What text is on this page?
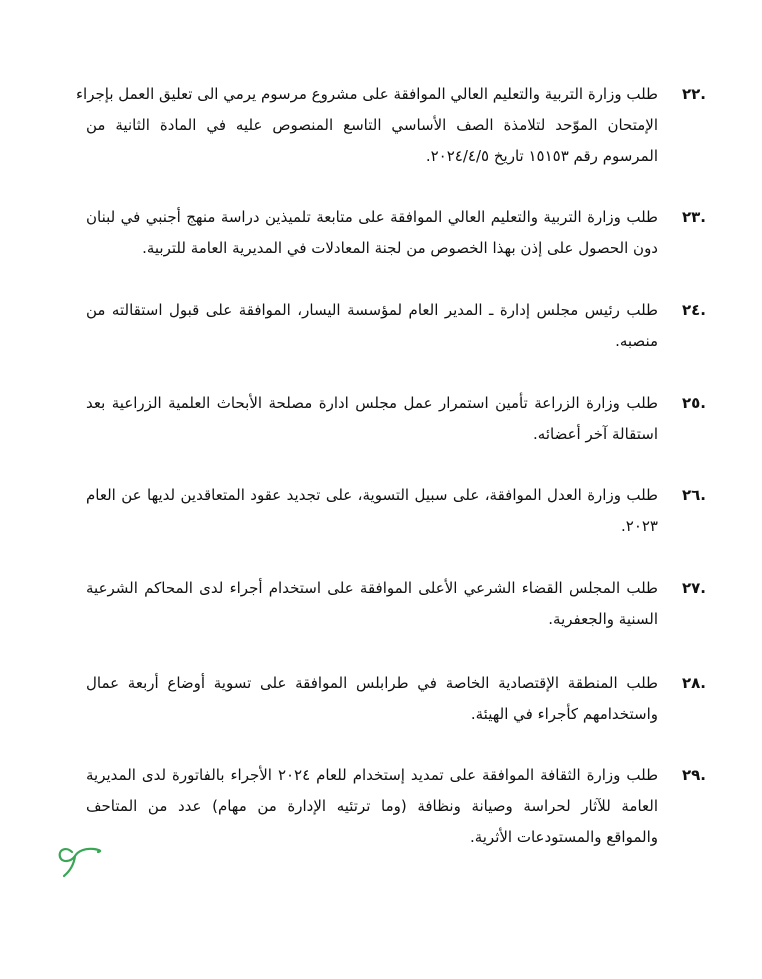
.٢٢
طلب وزارة التربية والتعليم العالي الموافقة على مشروع مرسوم يرمي الى تعليق العمل بإجراء
الإمتحان الموّحد لتلامذة الصف الأساسي التاسع المنصوص عليه في المادة الثانية من
المرسوم رقم ١٥١٥٣ تاريخ ٢٠٢٤/٤/٥.
.٢٣
طلب وزارة التربية والتعليم العالي الموافقة على متابعة تلميذين دراسة منهج أجنبي في لبنان
دون الحصول على إذن بهذا الخصوص من لجنة المعادلات في المديرية العامة للتربية.
.٢٤
طلب رئيس مجلس إدارة ـ المدير العام لمؤسسة اليسار، الموافقة على قبول استقالته من
منصبه.
.٢٥
طلب وزارة الزراعة تأمين استمرار عمل مجلس ادارة مصلحة الأبحاث العلمية الزراعية بعد
استقالة آخر أعضائه.
.٢٦
طلب وزارة العدل الموافقة، على سبيل التسوية، على تجديد عقود المتعاقدين لديها عن العام
٢٠٢٣.
.٢٧
طلب المجلس القضاء الشرعي الأعلى الموافقة على استخدام أجراء لدى المحاكم الشرعية
السنية والجعفرية.
.٢٨
طلب المنطقة الإقتصادية الخاصة في طرابلس الموافقة على تسوية أوضاع أربعة عمال
واستخدامهم كأجراء في الهيئة.
.٢٩
طلب وزارة الثقافة الموافقة على تمديد إستخدام للعام ٢٠٢٤ الأجراء بالفاتورة لدى المديرية
العامة للآثار لحراسة وصيانة ونظافة (وما ترتئيه الإدارة من مهام) عدد من المتاحف
والمواقع والمستودعات الأثرية.
